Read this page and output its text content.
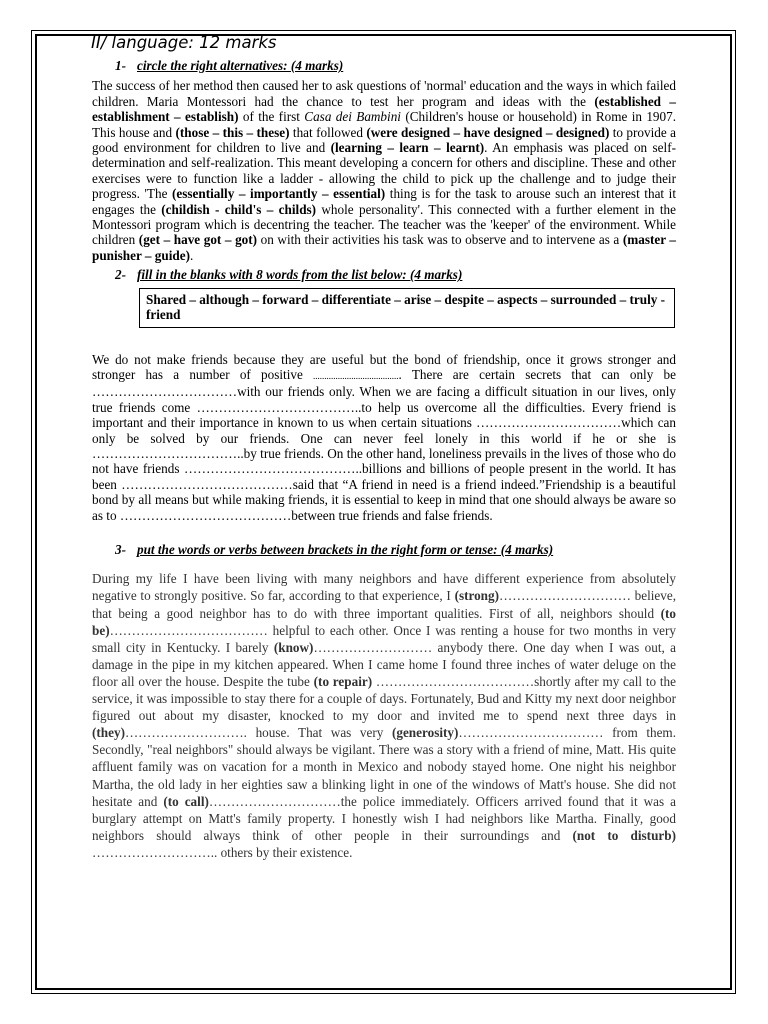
II/ language: 12 marks
1- circle the right alternatives: (4 marks)

The success of her method then caused her to ask questions of 'normal' education and the ways in which failed children. Maria Montessori had the chance to test her program and ideas with the (established – establishment – establish) of the first Casa dei Bambini (Children's house or household) in Rome in 1907. This house and (those – this – these) that followed (were designed – have designed – designed) to provide a good environment for children to live and (learning – learn – learnt). An emphasis was placed on self-determination and self-realization. This meant developing a concern for others and discipline. These and other exercises were to function like a ladder - allowing the child to pick up the challenge and to judge their progress. 'The (essentially – importantly – essential) thing is for the task to arouse such an interest that it engages the (childish - child's – childs) whole personality'. This connected with a further element in the Montessori program which is decentring the teacher. The teacher was the 'keeper' of the environment. While children (get – have got – got) on with their activities his task was to observe and to intervene as a (master – punisher – guide).

2- fill in the blanks with 8 words from the list below: (4 marks)
Shared – although – forward – differentiate – arise – despite – aspects – surrounded – truly - friend

We do not make friends because they are useful but the bond of friendship, once it grows stronger and stronger has a number of positive ....................................... There are certain secrets that can only be ……………………………with our friends only. When we are facing a difficult situation in our lives, only true friends come ………………………………..to help us overcome all the difficulties. Every friend is important and their importance in known to us when certain situations ……………………………which can only be solved by our friends. One can never feel lonely in this world if he or she is ……………………………..by true friends. On the other hand, loneliness prevails in the lives of those who do not have friends …………………………………..billions and billions of people present in the world. It has been …………………………………said that “A friend in need is a friend indeed.”Friendship is a beautiful bond by all means but while making friends, it is essential to keep in mind that one should always be aware so as to …………………………………between true friends and false friends.

3- put the words or verbs between brackets in the right form or tense: (4 marks)

During my life I have been living with many neighbors and have different experience from absolutely negative to strongly positive. So far, according to that experience, I (strong)………………………… believe, that being a good neighbor has to do with three important qualities. First of all, neighbors should (to be)……………………………… helpful to each other. Once I was renting a house for two months in very small city in Kentucky. I barely (know)……………………… anybody there. One day when I was out, a damage in the pipe in my kitchen appeared. When I came home I found three inches of water deluge on the floor all over the house. Despite the tube (to repair) ………………………………shortly after my call to the service, it was impossible to stay there for a couple of days. Fortunately, Bud and Kitty my next door neighbor figured out about my disaster, knocked to my door and invited me to spend next three days in (they)………………………. house. That was very (generosity)…………………………… from them. Secondly, "real neighbors" should always be vigilant. There was a story with a friend of mine, Matt. His quite affluent family was on vacation for a month in Mexico and nobody stayed home. One night his neighbor Martha, the old lady in her eighties saw a blinking light in one of the windows of Matt's house. She did not hesitate and (to call)…………………………the police immediately. Officers arrived found that it was a burglary attempt on Matt's family property. I honestly wish I had neighbors like Martha. Finally, good neighbors should always think of other people in their surroundings and (not to disturb) ……………………….. others by their existence.
